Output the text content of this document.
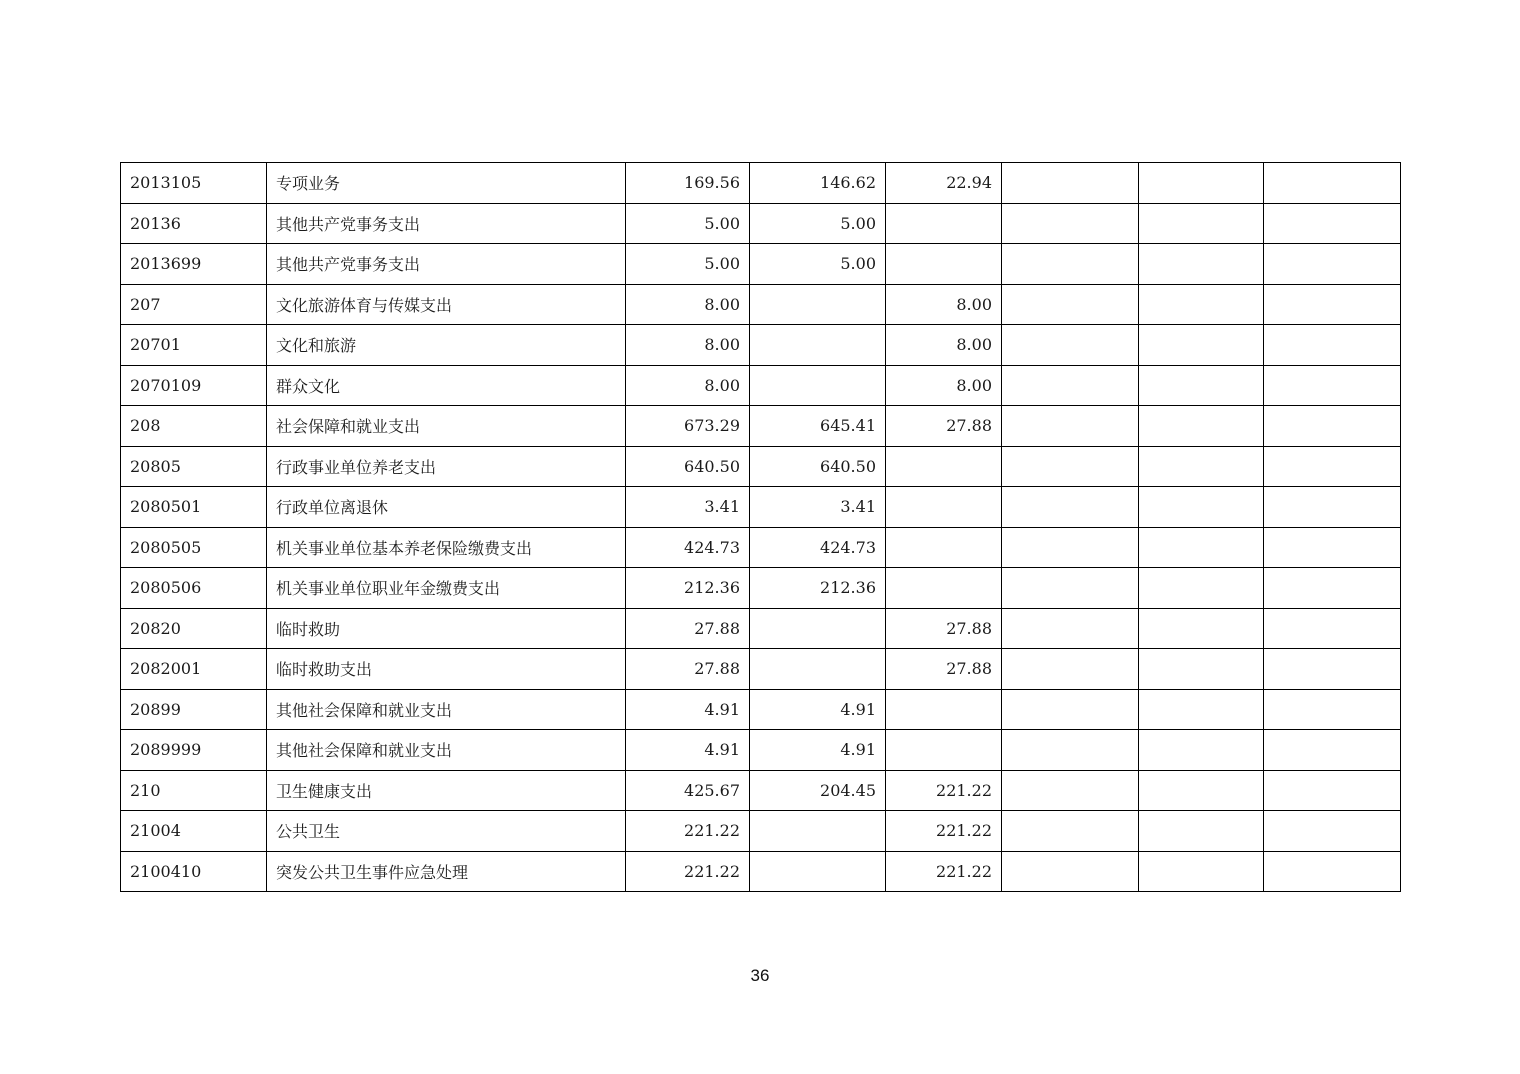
2013105	专项业务	169.56	146.62	22.94			
20136	其他共产党事务支出	5.00	5.00				
2013699	其他共产党事务支出	5.00	5.00				
207	文化旅游体育与传媒支出	8.00		8.00			
20701	文化和旅游	8.00		8.00			
2070109	群众文化	8.00		8.00			
208	社会保障和就业支出	673.29	645.41	27.88			
20805	行政事业单位养老支出	640.50	640.50				
2080501	行政单位离退休	3.41	3.41				
2080505	机关事业单位基本养老保险缴费支出	424.73	424.73				
2080506	机关事业单位职业年金缴费支出	212.36	212.36				
20820	临时救助	27.88		27.88			
2082001	临时救助支出	27.88		27.88			
20899	其他社会保障和就业支出	4.91	4.91				
2089999	其他社会保障和就业支出	4.91	4.91				
210	卫生健康支出	425.67	204.45	221.22			
21004	公共卫生	221.22		221.22			
2100410	突发公共卫生事件应急处理	221.22		221.22			
36
